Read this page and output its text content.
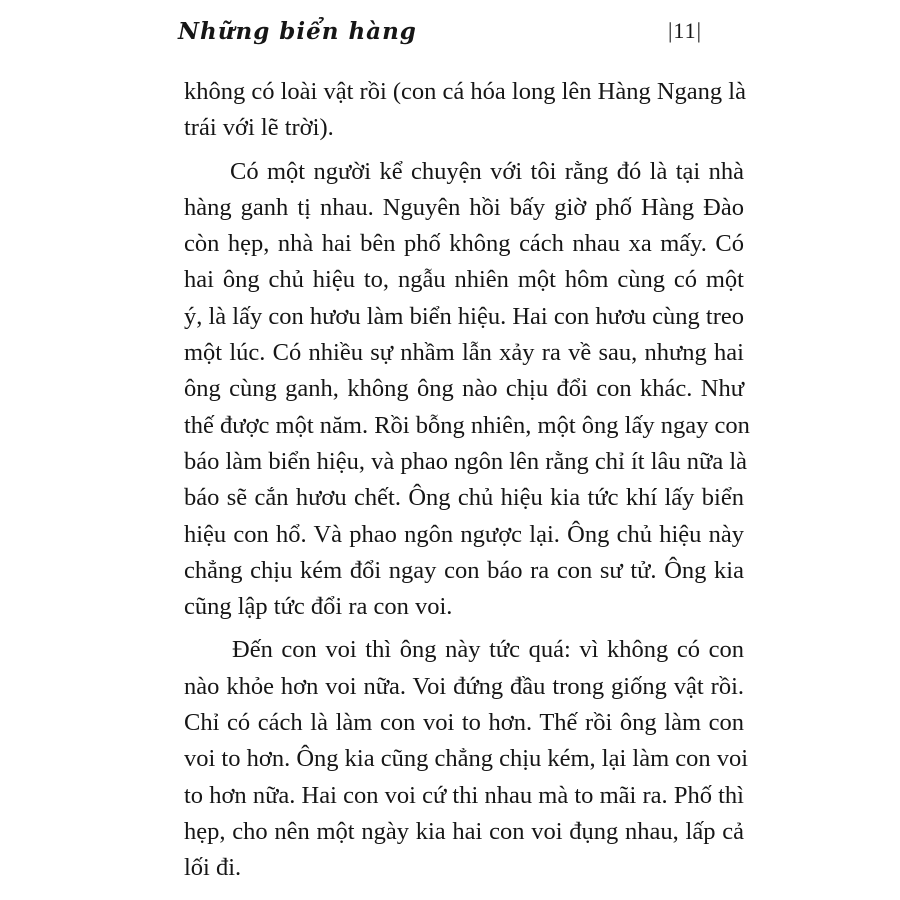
Những biển hàng	|11|
không có loài vật rồi (con cá hóa long lên Hàng Ngang là
trái với lẽ trời).
Có một người kể chuyện với tôi rằng đó là tại nhà
hàng ganh tị nhau. Nguyên hồi bấy giờ phố Hàng Đào
còn hẹp, nhà hai bên phố không cách nhau xa mấy. Có
hai ông chủ hiệu to, ngẫu nhiên một hôm cùng có một
ý, là lấy con hươu làm biển hiệu. Hai con hươu cùng treo
một lúc. Có nhiều sự nhầm lẫn xảy ra về sau, nhưng hai
ông cùng ganh, không ông nào chịu đổi con khác. Như
thế được một năm. Rồi bỗng nhiên, một ông lấy ngay con
báo làm biển hiệu, và phao ngôn lên rằng chỉ ít lâu nữa là
báo sẽ cắn hươu chết. Ông chủ hiệu kia tức khí lấy biển
hiệu con hổ. Và phao ngôn ngược lại. Ông chủ hiệu này
chẳng chịu kém đổi ngay con báo ra con sư tử. Ông kia
cũng lập tức đổi ra con voi.
Đến con voi thì ông này tức quá: vì không có con
nào khỏe hơn voi nữa. Voi đứng đầu trong giống vật rồi.
Chỉ có cách là làm con voi to hơn. Thế rồi ông làm con
voi to hơn. Ông kia cũng chẳng chịu kém, lại làm con voi
to hơn nữa. Hai con voi cứ thi nhau mà to mãi ra. Phố thì
hẹp, cho nên một ngày kia hai con voi đụng nhau, lấp cả
lối đi.
